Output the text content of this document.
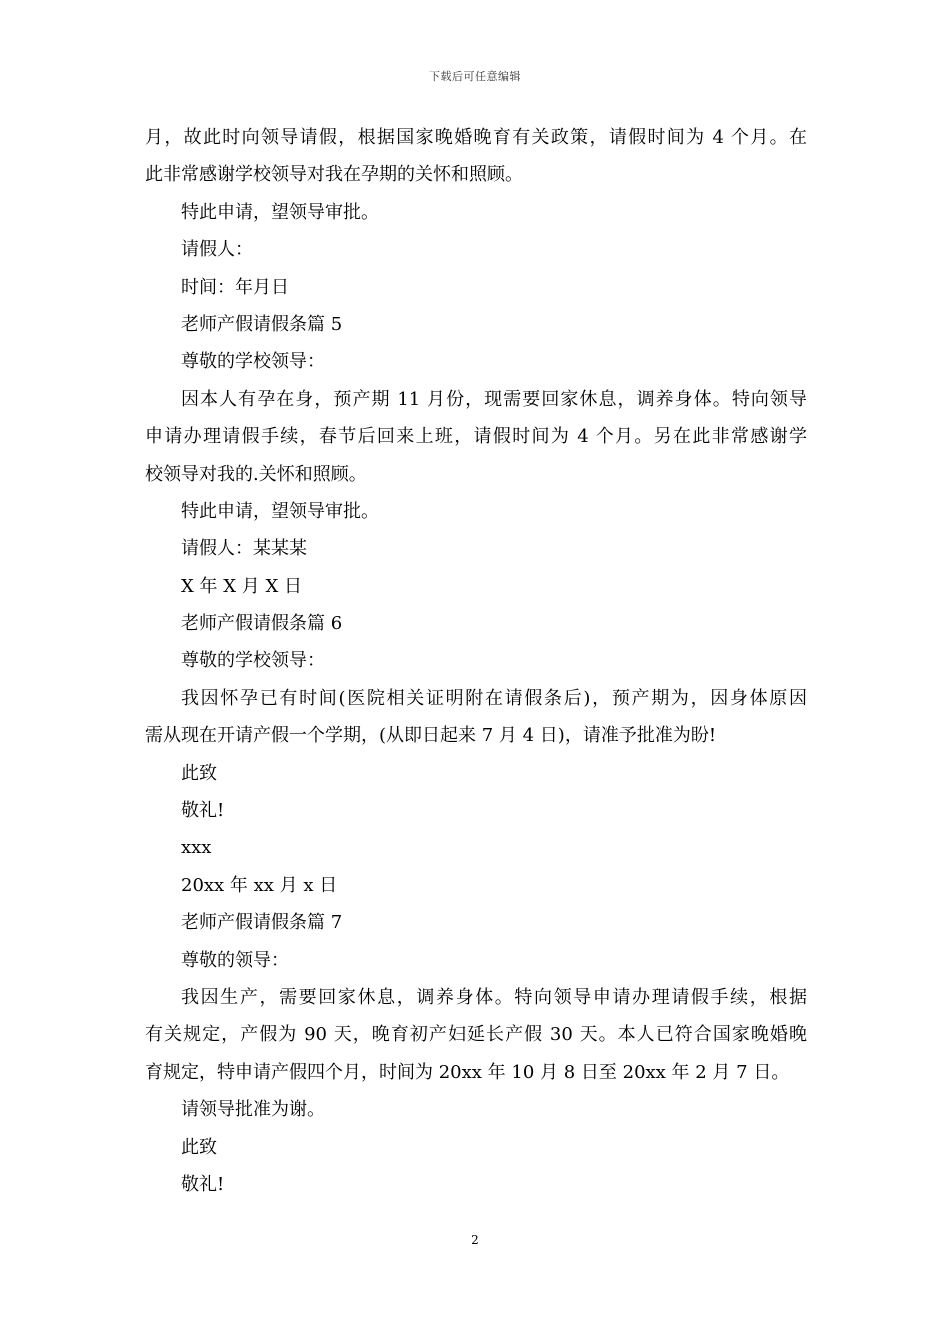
下载后可任意编辑
月，故此时向领导请假，根据国家晚婚晚育有关政策，请假时间为 4 个月。在
此非常感谢学校领导对我在孕期的关怀和照顾。
特此申请，望领导审批。
请假人：
时间：年月日
老师产假请假条篇 5
尊敬的学校领导：
因本人有孕在身，预产期 11 月份，现需要回家休息，调养身体。特向领导
申请办理请假手续，春节后回来上班，请假时间为 4 个月。另在此非常感谢学
校领导对我的.关怀和照顾。
特此申请，望领导审批。
请假人：某某某
X 年 X 月 X 日
老师产假请假条篇 6
尊敬的学校领导：
我因怀孕已有时间(医院相关证明附在请假条后)，预产期为，因身体原因
需从现在开请产假一个学期，(从即日起来 7 月 4 日)，请准予批准为盼!
此致
敬礼!
xxx
20xx 年 xx 月 x 日
老师产假请假条篇 7
尊敬的领导：
我因生产，需要回家休息，调养身体。特向领导申请办理请假手续，根据
有关规定，产假为 90 天，晚育初产妇延长产假 30 天。本人已符合国家晚婚晚
育规定，特申请产假四个月，时间为 20xx 年 10 月 8 日至 20xx 年 2 月 7 日。
请领导批准为谢。
此致
敬礼!
2
